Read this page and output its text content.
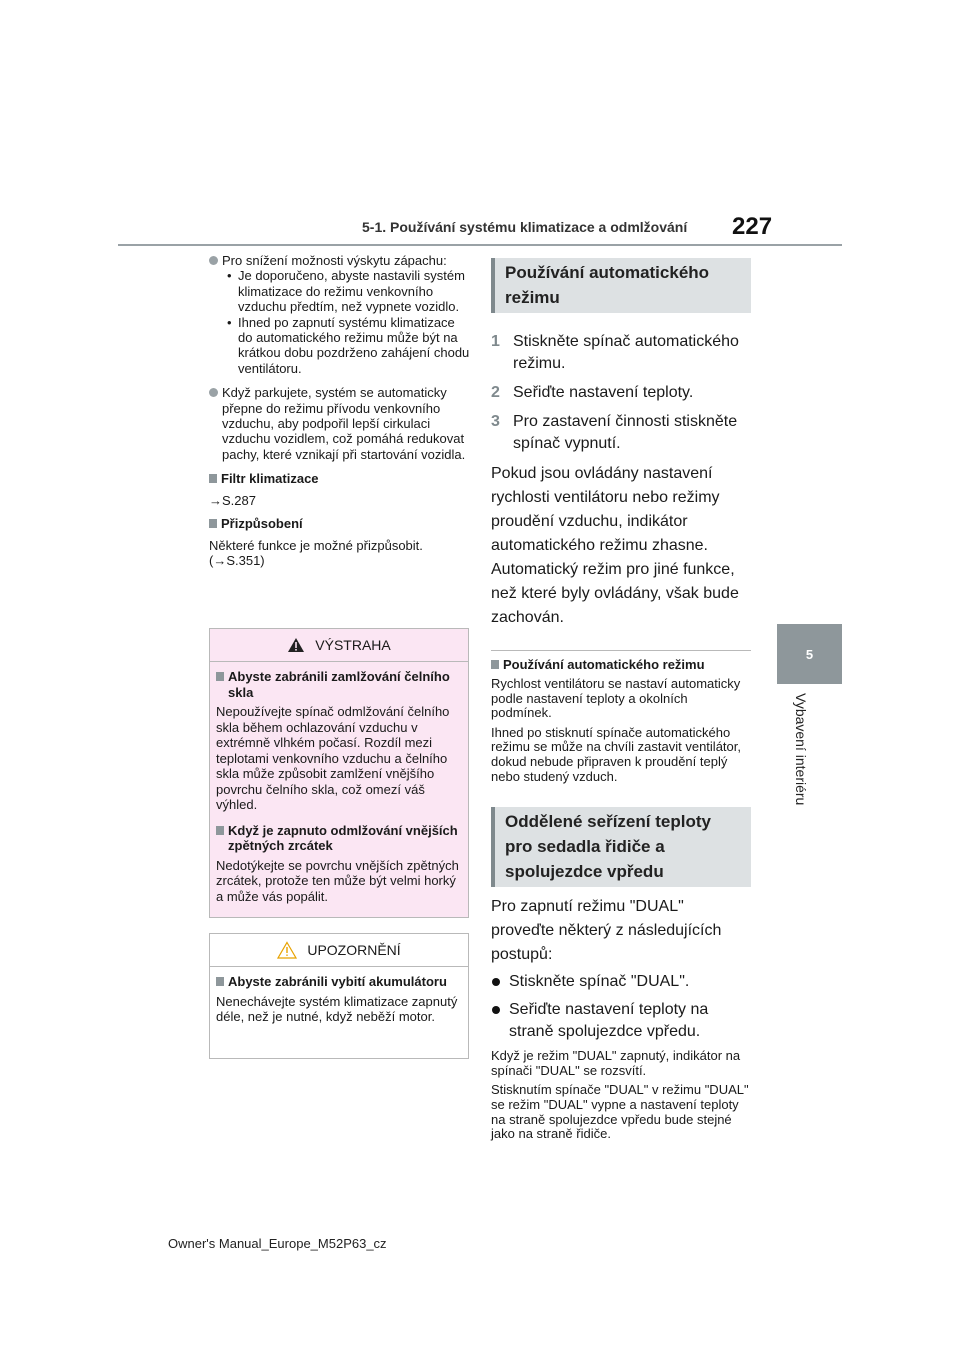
5-1. Používání systému klimatizace a odmlžování 227
5
Vybavení interiéru
Pro snížení možnosti výskytu zápachu:
• Je doporučeno, abyste nastavili systém klimatizace do režimu venkovního vzduchu předtím, než vypnete vozidlo.
• Ihned po zapnutí systému klimatizace do automatického režimu může být na krátkou dobu pozdrženo zahájení chodu ventilátoru.
Když parkujete, systém se automaticky přepne do režimu přívodu venkovního vzduchu, aby podpořil lepší cirkulaci vzduchu vozidlem, což pomáhá redukovat pachy, které vznikají při startování vozidla.
Filtr klimatizace
→S.287
Přizpůsobení
Některé funkce je možné přizpůsobit. (→S.351)
VÝSTRAHA
Abyste zabránili zamlžování čelního skla
Nepoužívejte spínač odmlžování čelního skla během ochlazování vzduchu v extrémně vlhkém počasí. Rozdíl mezi teplotami venkovního vzduchu a čelního skla může způsobit zamlžení vnějšího povrchu čelního skla, což omezí váš výhled.
Když je zapnuto odmlžování vnějších zpětných zrcátek
Nedotýkejte se povrchu vnějších zpětných zrcátek, protože ten může být velmi horký a může vás popálit.
UPOZORNĚNÍ
Abyste zabránili vybití akumulátoru
Nenechávejte systém klimatizace zapnutý déle, než je nutné, když neběží motor.
Používání automatického režimu
1 Stiskněte spínač automatického režimu.
2 Seřiďte nastavení teploty.
3 Pro zastavení činnosti stiskněte spínač vypnutí.

Pokud jsou ovládány nastavení rychlosti ventilátoru nebo režimy proudění vzduchu, indikátor automatického režimu zhasne. Automatický režim pro jiné funkce, než které byly ovládány, však bude zachován.

Používání automatického režimu

Rychlost ventilátoru se nastaví automaticky podle nastavení teploty a okolních podmínek.

Ihned po stisknutí spínače automatického režimu se může na chvíli zastavit ventilátor, dokud nebude připraven k proudění teplý nebo studený vzduch.

Oddělené seřízení teploty pro sedadla řidiče a spolujezdce vpředu

Pro zapnutí režimu "DUAL" proveďte některý z následujících postupů:

Stiskněte spínač "DUAL".
Seřiďte nastavení teploty na straně spolujezdce vpředu.

Když je režim "DUAL" zapnutý, indikátor na spínači "DUAL" se rozsvítí.

Stisknutím spínače "DUAL" v režimu "DUAL" se režim "DUAL" vypne a nastavení teploty na straně spolujezdce vpředu bude stejné jako na straně řidiče.

Owner's Manual_Europe_M52P63_cz
